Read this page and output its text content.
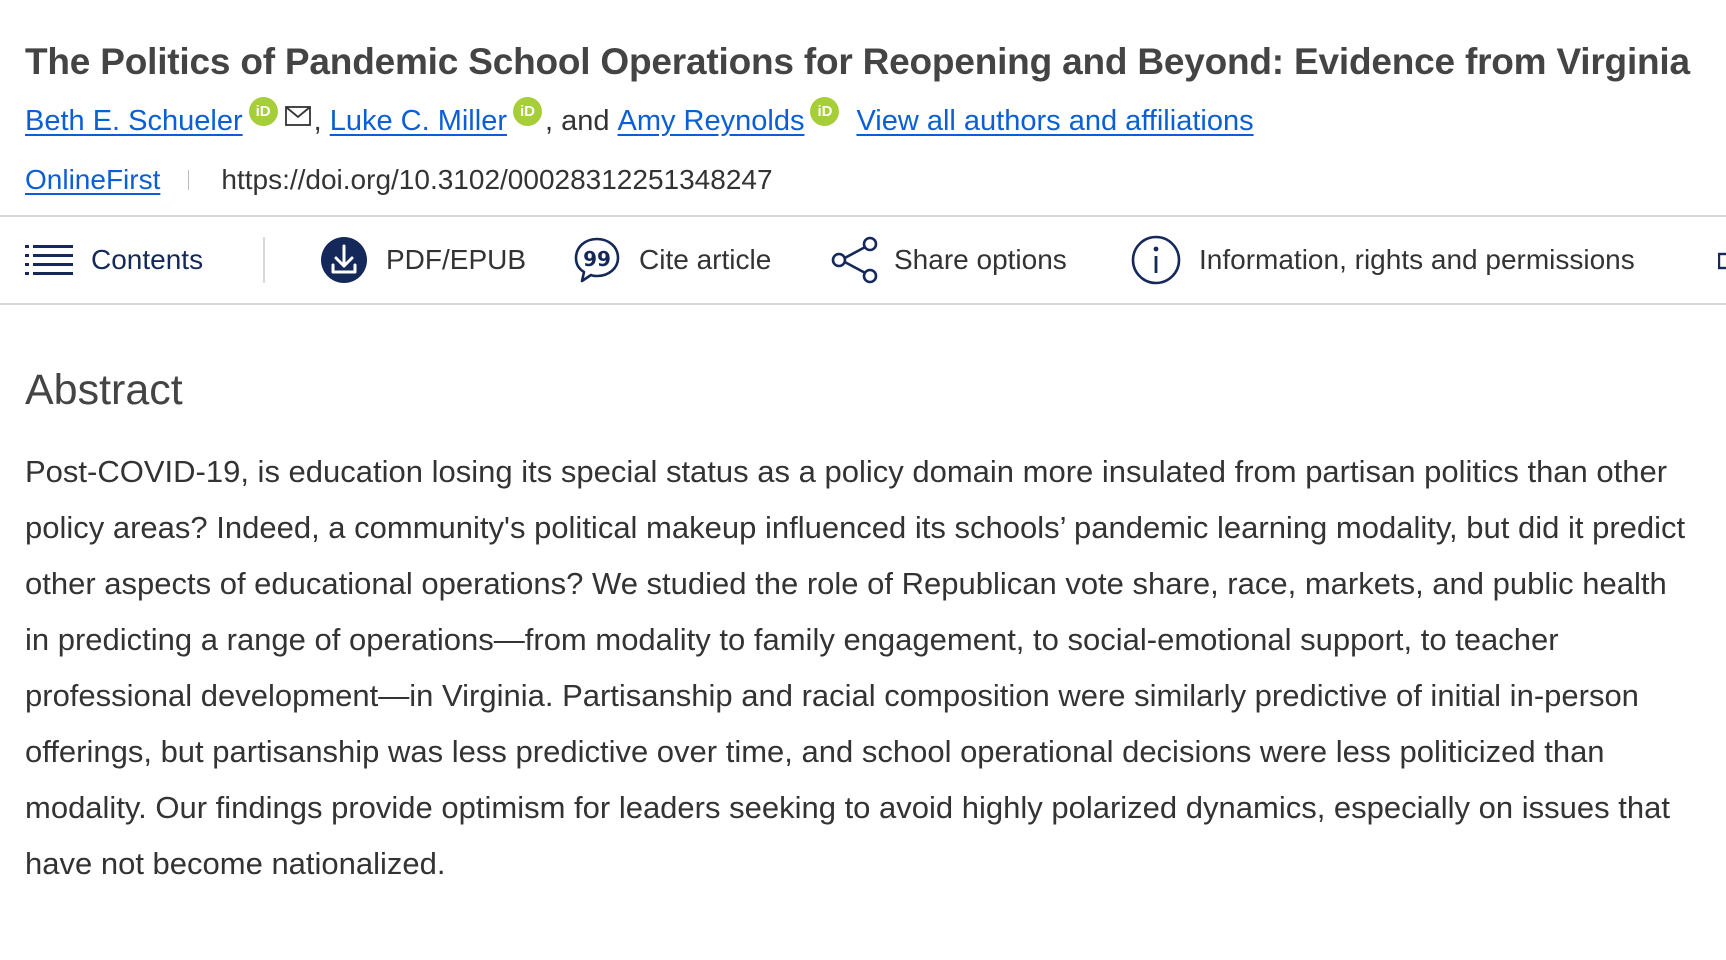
The Politics of Pandemic School Operations for Reopening and Beyond: Evidence from Virginia
Beth E. Schueler iD , Luke C. Miller iD , and Amy Reynolds iD View all authors and affiliations
OnlineFirst https://doi.org/10.3102/00028312251348247
Contents	PDF/EPUB	99 Cite article	Share options	Information, rights and permissions
Abstract

Post-COVID-19, is education losing its special status as a policy domain more insulated from partisan politics than other policy areas? Indeed, a community's political makeup influenced its schools’ pandemic learning modality, but did it predict other aspects of educational operations? We studied the role of Republican vote share, race, markets, and public health in predicting a range of operations—from modality to family engagement, to social-emotional support, to teacher professional development—in Virginia. Partisanship and racial composition were similarly predictive of initial in-person offerings, but partisanship was less predictive over time, and school operational decisions were less politicized than modality. Our findings provide optimism for leaders seeking to avoid highly polarized dynamics, especially on issues that have not become nationalized.
